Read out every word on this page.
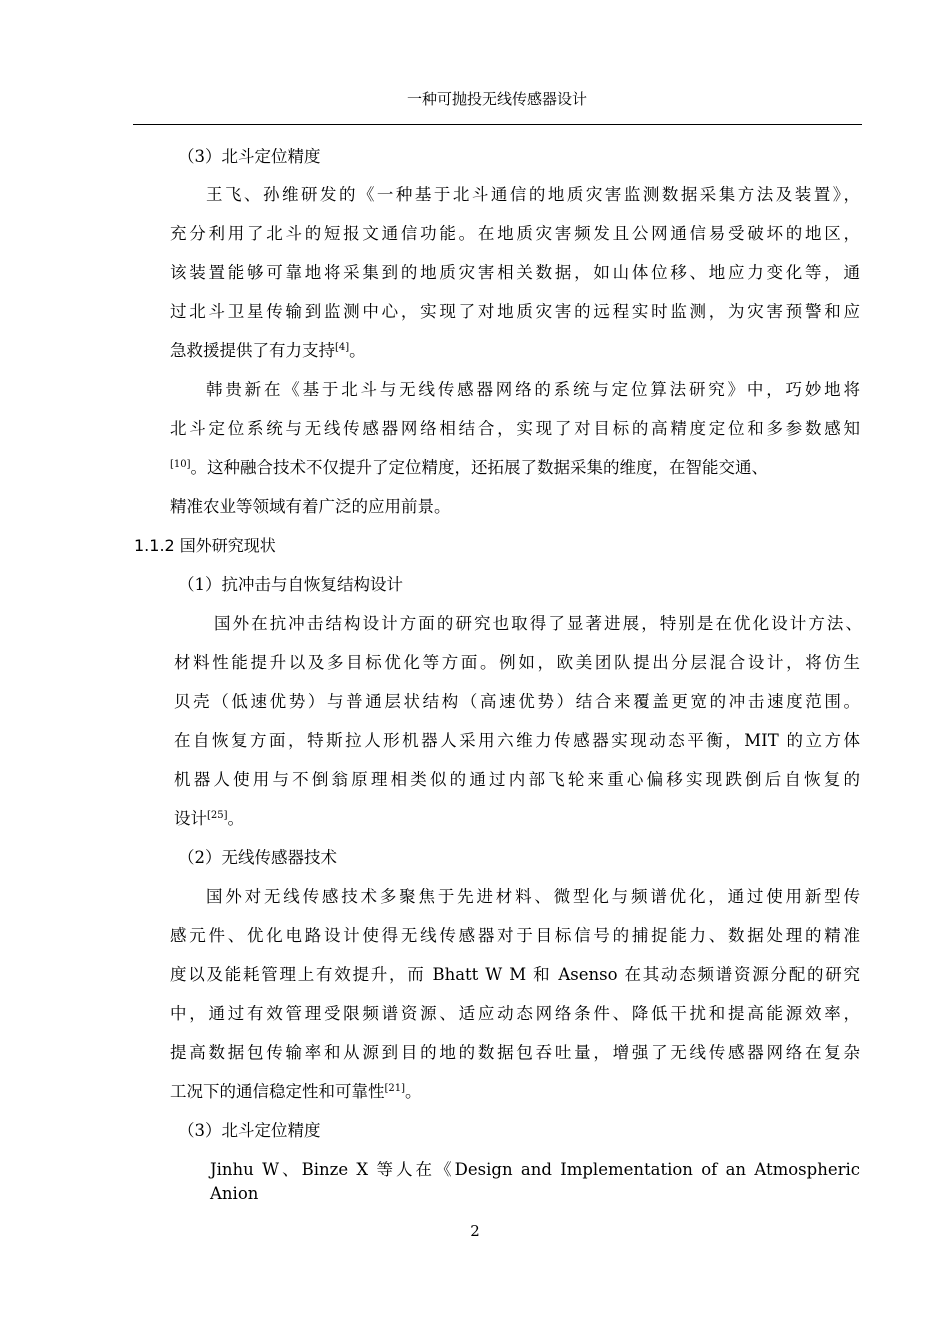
一种可抛投无线传感器设计
（3）北斗定位精度
王飞、孙维研发的《一种基于北斗通信的地质灾害监测数据采集方法及装置》，
充分利用了北斗的短报文通信功能。在地质灾害频发且公网通信易受破坏的地区，
该装置能够可靠地将采集到的地质灾害相关数据，如山体位移、地应力变化等，通
过北斗卫星传输到监测中心，实现了对地质灾害的远程实时监测，为灾害预警和应
急救援提供了有力支持[4]。
韩贵新在《基于北斗与无线传感器网络的系统与定位算法研究》中，巧妙地将
北斗定位系统与无线传感器网络相结合，实现了对目标的高精度定位和多参数感知
[10]。这种融合技术不仅提升了定位精度，还拓展了数据采集的维度，在智能交通、
精准农业等领域有着广泛的应用前景。
1.1.2 国外研究现状
（1）抗冲击与自恢复结构设计
国外在抗冲击结构设计方面的研究也取得了显著进展，特别是在优化设计方法、
材料性能提升以及多目标优化等方面。例如，欧美团队提出分层混合设计，将仿生
贝壳（低速优势）与普通层状结构（高速优势）结合来覆盖更宽的冲击速度范围。
在自恢复方面，特斯拉人形机器人采用六维力传感器实现动态平衡，MIT 的立方体
机器人使用与不倒翁原理相类似的通过内部飞轮来重心偏移实现跌倒后自恢复的
设计[25]。
（2）无线传感器技术
国外对无线传感技术多聚焦于先进材料、微型化与频谱优化，通过使用新型传
感元件、优化电路设计使得无线传感器对于目标信号的捕捉能力、数据处理的精准
度以及能耗管理上有效提升，而 Bhatt W M 和 Asenso 在其动态频谱资源分配的研究
中，通过有效管理受限频谱资源、适应动态网络条件、降低干扰和提高能源效率，
提高数据包传输率和从源到目的地的数据包吞吐量，增强了无线传感器网络在复杂
工况下的通信稳定性和可靠性[21]。
（3）北斗定位精度
Jinhu W、Binze X 等人在《Design and Implementation of an Atmospheric Anion
2
